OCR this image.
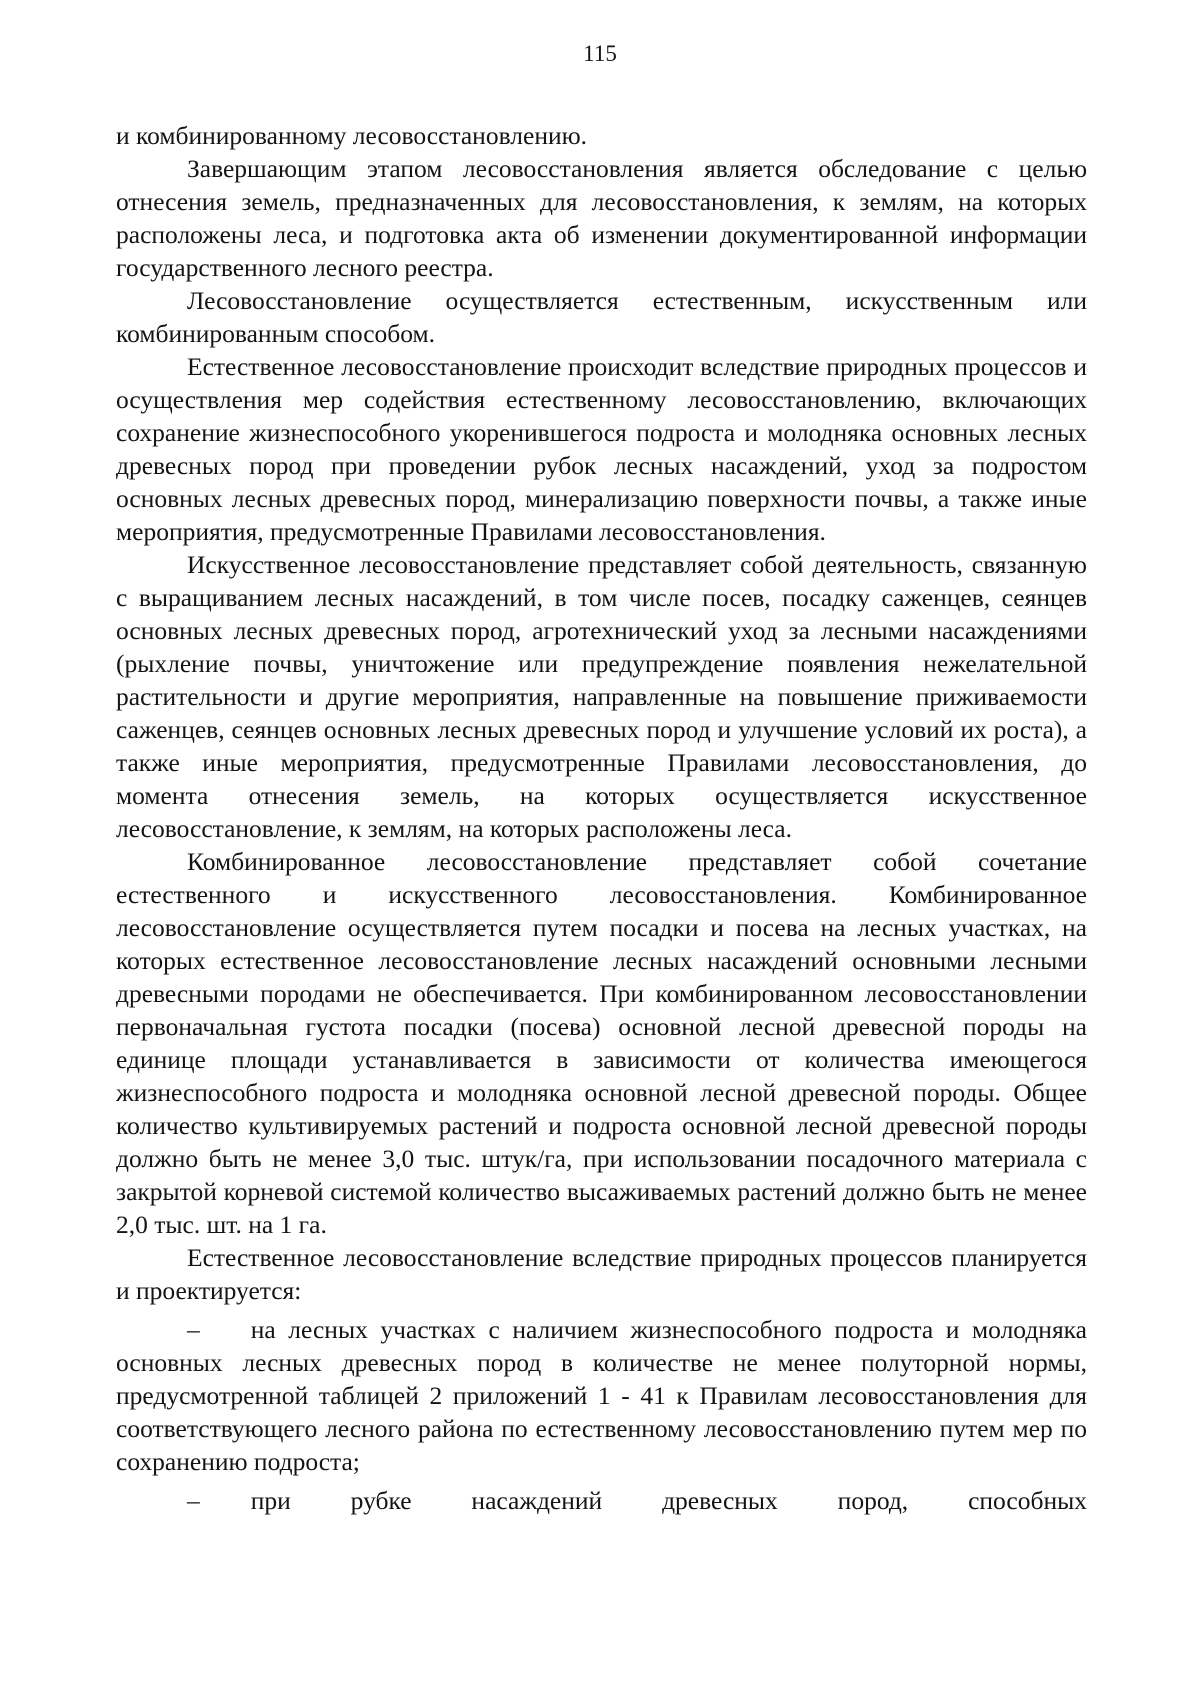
115

и комбинированному лесовосстановлению.

Завершающим этапом лесовосстановления является обследование с целью отнесения земель, предназначенных для лесовосстановления, к землям, на которых расположены леса, и подготовка акта об изменении документированной информации государственного лесного реестра.

Лесовосстановление осуществляется естественным, искусственным или комбинированным способом.

Естественное лесовосстановление происходит вследствие природных процессов и осуществления мер содействия естественному лесовосстановлению, включающих сохранение жизнеспособного укоренившегося подроста и молодняка основных лесных древесных пород при проведении рубок лесных насаждений, уход за подростом основных лесных древесных пород, минерализацию поверхности почвы, а также иные мероприятия, предусмотренные Правилами лесовосстановления.

Искусственное лесовосстановление представляет собой деятельность, связанную с выращиванием лесных насаждений, в том числе посев, посадку саженцев, сеянцев основных лесных древесных пород, агротехнический уход за лесными насаждениями (рыхление почвы, уничтожение или предупреждение появления нежелательной растительности и другие мероприятия, направленные на повышение приживаемости саженцев, сеянцев основных лесных древесных пород и улучшение условий их роста), а также иные мероприятия, предусмотренные Правилами лесовосстановления, до момента отнесения земель, на которых осуществляется искусственное лесовосстановление, к землям, на которых расположены леса.

Комбинированное лесовосстановление представляет собой сочетание естественного и искусственного лесовосстановления. Комбинированное лесовосстановление осуществляется путем посадки и посева на лесных участках, на которых естественное лесовосстановление лесных насаждений основными лесными древесными породами не обеспечивается. При комбинированном лесовосстановлении первоначальная густота посадки (посева) основной лесной древесной породы на единице площади устанавливается в зависимости от количества имеющегося жизнеспособного подроста и молодняка основной лесной древесной породы. Общее количество культивируемых растений и подроста основной лесной древесной породы должно быть не менее 3,0 тыс. штук/га, при использовании посадочного материала с закрытой корневой системой количество высаживаемых растений должно быть не менее 2,0 тыс. шт. на 1 га.

Естественное лесовосстановление вследствие природных процессов планируется и проектируется:

–  на лесных участках с наличием жизнеспособного подроста и молодняка основных лесных древесных пород в количестве не менее полуторной нормы, предусмотренной таблицей 2 приложений 1 - 41 к Правилам лесовосстановления для соответствующего лесного района по естественному лесовосстановлению путем мер по сохранению подроста;

–  при рубке насаждений древесных пород, способных
